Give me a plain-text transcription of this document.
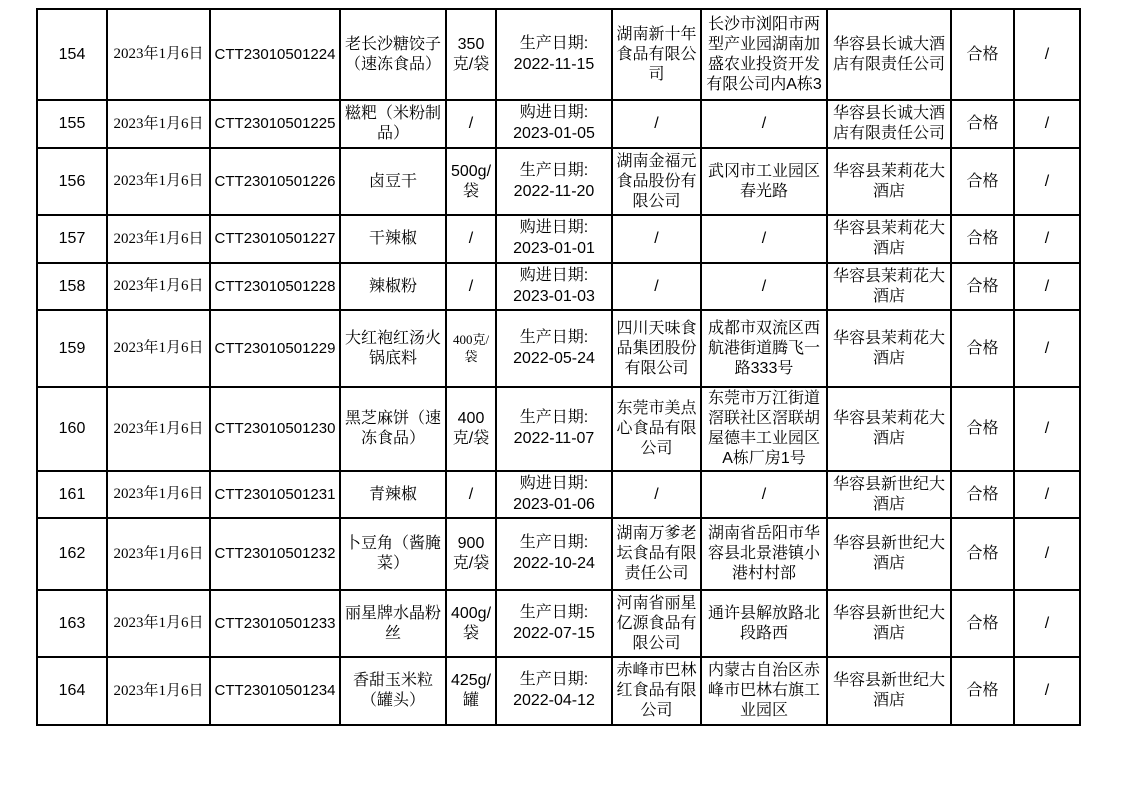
154	2023年1月6日	CTT23010501224	老长沙糖饺子（速冻食品）	350克/袋	生产日期:
2022-11-15	湖南新十年食品有限公司	长沙市浏阳市两型产业园湖南加盛农业投资开发有限公司内A栋3	华容县长诚大酒店有限责任公司	合格	/
155	2023年1月6日	CTT23010501225	糍粑（米粉制品）	/	购进日期:
2023-01-05	/	/	华容县长诚大酒店有限责任公司	合格	/
156	2023年1月6日	CTT23010501226	卤豆干	500g/袋	生产日期:
2022-11-20	湖南金福元食品股份有限公司	武冈市工业园区春光路	华容县茉莉花大酒店	合格	/
157	2023年1月6日	CTT23010501227	干辣椒	/	购进日期:
2023-01-01	/	/	华容县茉莉花大酒店	合格	/
158	2023年1月6日	CTT23010501228	辣椒粉	/	购进日期:
2023-01-03	/	/	华容县茉莉花大酒店	合格	/
159	2023年1月6日	CTT23010501229	大红袍红汤火锅底料	400克/袋	生产日期:
2022-05-24	四川天味食品集团股份有限公司	成都市双流区西航港街道腾飞一路333号	华容县茉莉花大酒店	合格	/
160	2023年1月6日	CTT23010501230	黑芝麻饼（速冻食品）	400克/袋	生产日期:
2022-11-07	东莞市美点心食品有限公司	东莞市万江街道滘联社区滘联胡屋德丰工业园区A栋厂房1号	华容县茉莉花大酒店	合格	/
161	2023年1月6日	CTT23010501231	青辣椒	/	购进日期:
2023-01-06	/	/	华容县新世纪大酒店	合格	/
162	2023年1月6日	CTT23010501232	卜豆角（酱腌菜）	900克/袋	生产日期:
2022-10-24	湖南万爹老坛食品有限责任公司	湖南省岳阳市华容县北景港镇小港村村部	华容县新世纪大酒店	合格	/
163	2023年1月6日	CTT23010501233	丽星牌水晶粉丝	400g/袋	生产日期:
2022-07-15	河南省丽星亿源食品有限公司	通许县解放路北段路西	华容县新世纪大酒店	合格	/
164	2023年1月6日	CTT23010501234	香甜玉米粒（罐头）	425g/罐	生产日期:
2022-04-12	赤峰市巴林红食品有限公司	内蒙古自治区赤峰市巴林右旗工业园区	华容县新世纪大酒店	合格	/
